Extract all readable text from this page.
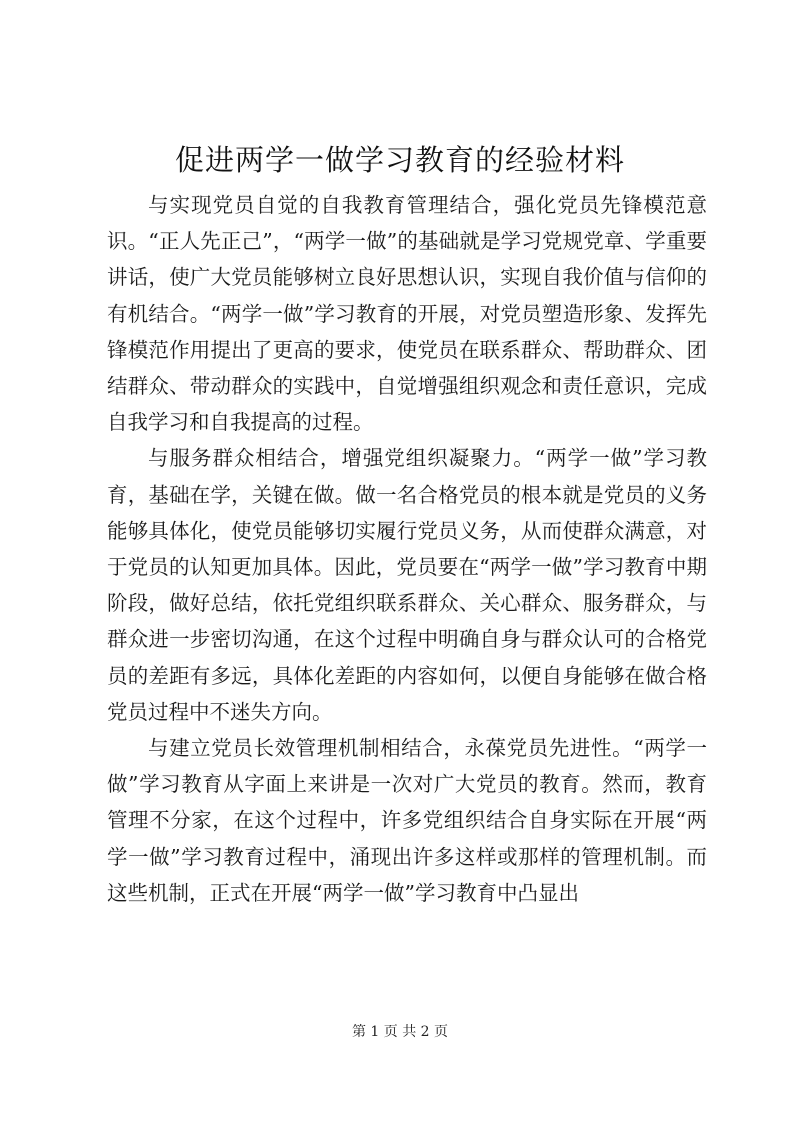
促进两学一做学习教育的经验材料

与实现党员自觉的自我教育管理结合，强化党员先锋模范意识。“正人先正己”，“两学一做”的基础就是学习党规党章、学重要讲话，使广大党员能够树立良好思想认识，实现自我价值与信仰的有机结合。“两学一做”学习教育的开展，对党员塑造形象、发挥先锋模范作用提出了更高的要求，使党员在联系群众、帮助群众、团结群众、带动群众的实践中，自觉增强组织观念和责任意识，完成自我学习和自我提高的过程。

与服务群众相结合，增强党组织凝聚力。“两学一做”学习教育，基础在学，关键在做。做一名合格党员的根本就是党员的义务能够具体化，使党员能够切实履行党员义务，从而使群众满意，对于党员的认知更加具体。因此，党员要在“两学一做”学习教育中期阶段，做好总结，依托党组织联系群众、关心群众、服务群众，与群众进一步密切沟通，在这个过程中明确自身与群众认可的合格党员的差距有多远，具体化差距的内容如何，以便自身能够在做合格党员过程中不迷失方向。

与建立党员长效管理机制相结合，永葆党员先进性。“两学一做”学习教育从字面上来讲是一次对广大党员的教育。然而，教育管理不分家，在这个过程中，许多党组织结合自身实际在开展“两学一做”学习教育过程中，涌现出许多这样或那样的管理机制。而这些机制，正式在开展“两学一做”学习教育中凸显出

第 1 页 共 2 页
